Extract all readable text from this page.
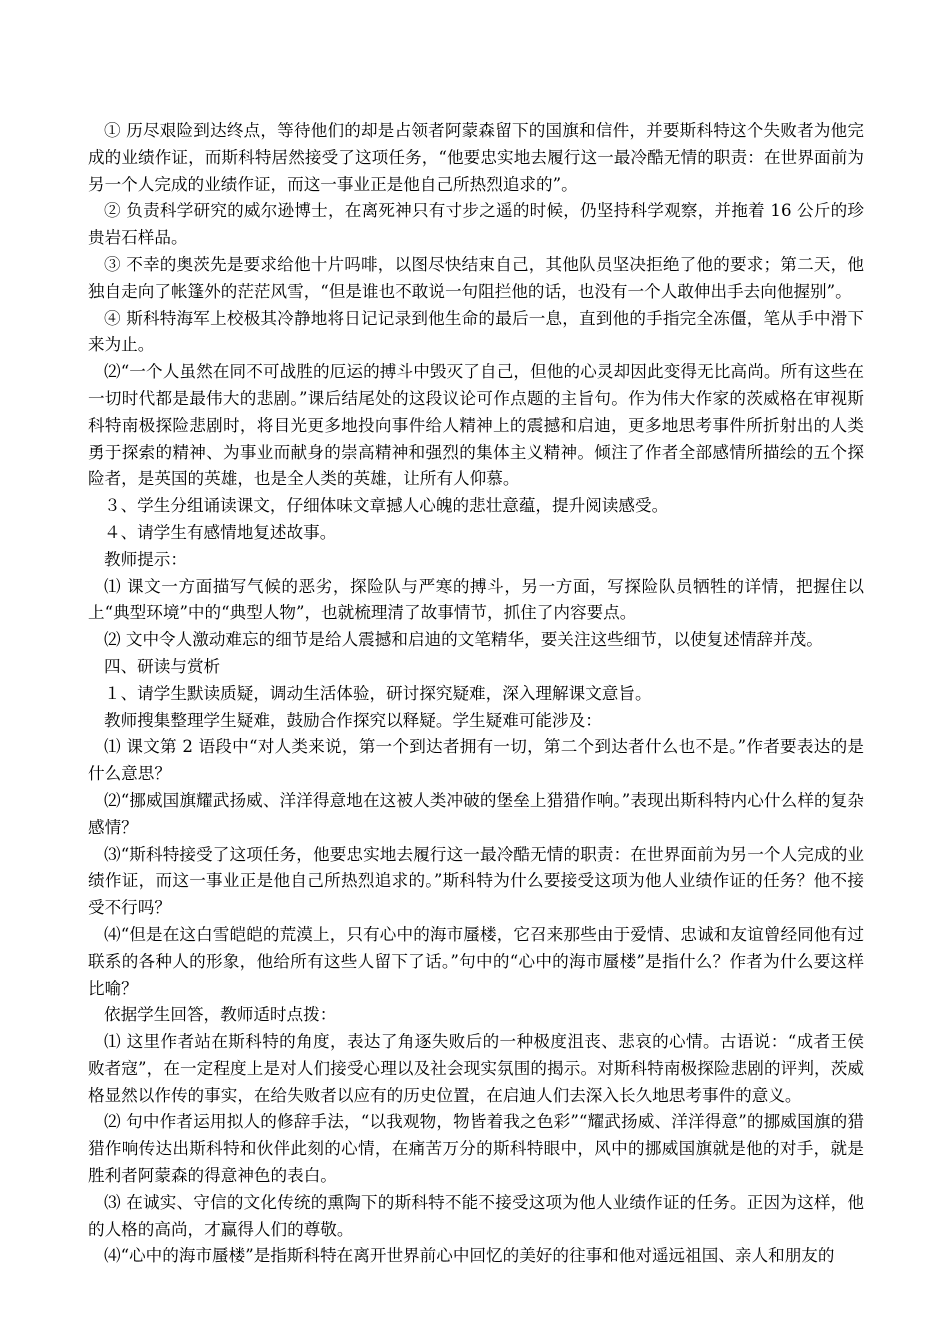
① 历尽艰险到达终点，等待他们的却是占领者阿蒙森留下的国旗和信件，并要斯科特这个失败者为他完成的业绩作证，而斯科特居然接受了这项任务，“他要忠实地去履行这一最冷酷无情的职责：在世界面前为另一个人完成的业绩作证，而这一事业正是他自己所热烈追求的”。

② 负责科学研究的威尔逊博士，在离死神只有寸步之遥的时候，仍坚持科学观察，并拖着 16 公斤的珍贵岩石样品。

③ 不幸的奥茨先是要求给他十片吗啡，以图尽快结束自己，其他队员坚决拒绝了他的要求；第二天，他独自走向了帐篷外的茫茫风雪，“但是谁也不敢说一句阻拦他的话，也没有一个人敢伸出手去向他握别”。

④ 斯科特海军上校极其冷静地将日记记录到他生命的最后一息，直到他的手指完全冻僵，笔从手中滑下来为止。

⑵“一个人虽然在同不可战胜的厄运的搏斗中毁灭了自己，但他的心灵却因此变得无比高尚。所有这些在一切时代都是最伟大的悲剧。”课后结尾处的这段议论可作点题的主旨句。作为伟大作家的茨威格在审视斯科特南极探险悲剧时，将目光更多地投向事件给人精神上的震撼和启迪，更多地思考事件所折射出的人类勇于探索的精神、为事业而献身的崇高精神和强烈的集体主义精神。倾注了作者全部感情所描绘的五个探险者，是英国的英雄，也是全人类的英雄，让所有人仰慕。

３、学生分组诵读课文，仔细体味文章撼人心魄的悲壮意蕴，提升阅读感受。

４、请学生有感情地复述故事。

教师提示：

⑴ 课文一方面描写气候的恶劣，探险队与严寒的搏斗，另一方面，写探险队员牺牲的详情，把握住以上“典型环境”中的“典型人物”，也就梳理清了故事情节，抓住了内容要点。

⑵ 文中令人激动难忘的细节是给人震撼和启迪的文笔精华，要关注这些细节，以使复述情辞并茂。

四、研读与赏析

１、请学生默读质疑，调动生活体验，研讨探究疑难，深入理解课文意旨。

教师搜集整理学生疑难，鼓励合作探究以释疑。学生疑难可能涉及：

⑴ 课文第 2 语段中“对人类来说，第一个到达者拥有一切，第二个到达者什么也不是。”作者要表达的是什么意思？

⑵“挪威国旗耀武扬威、洋洋得意地在这被人类冲破的堡垒上猎猎作响。”表现出斯科特内心什么样的复杂感情？

⑶“斯科特接受了这项任务，他要忠实地去履行这一最冷酷无情的职责：在世界面前为另一个人完成的业绩作证，而这一事业正是他自己所热烈追求的。”斯科特为什么要接受这项为他人业绩作证的任务？他不接受不行吗？

⑷“但是在这白雪皑皑的荒漠上，只有心中的海市蜃楼，它召来那些由于爱情、忠诚和友谊曾经同他有过联系的各种人的形象，他给所有这些人留下了话。”句中的“心中的海市蜃楼”是指什么？作者为什么要这样比喻？

依据学生回答，教师适时点拨：

⑴ 这里作者站在斯科特的角度，表达了角逐失败后的一种极度沮丧、悲哀的心情。古语说：“成者王侯败者寇”，在一定程度上是对人们接受心理以及社会现实氛围的揭示。对斯科特南极探险悲剧的评判，茨威格显然以作传的事实，在给失败者以应有的历史位置，在启迪人们去深入长久地思考事件的意义。

⑵ 句中作者运用拟人的修辞手法，“以我观物，物皆着我之色彩”“耀武扬威、洋洋得意”的挪威国旗的猎猎作响传达出斯科特和伙伴此刻的心情，在痛苦万分的斯科特眼中，风中的挪威国旗就是他的对手，就是胜利者阿蒙森的得意神色的表白。

⑶ 在诚实、守信的文化传统的熏陶下的斯科特不能不接受这项为他人业绩作证的任务。正因为这样，他的人格的高尚，才赢得人们的尊敬。

⑷“心中的海市蜃楼”是指斯科特在离开世界前心中回忆的美好的往事和他对遥远祖国、亲人和朋友的
